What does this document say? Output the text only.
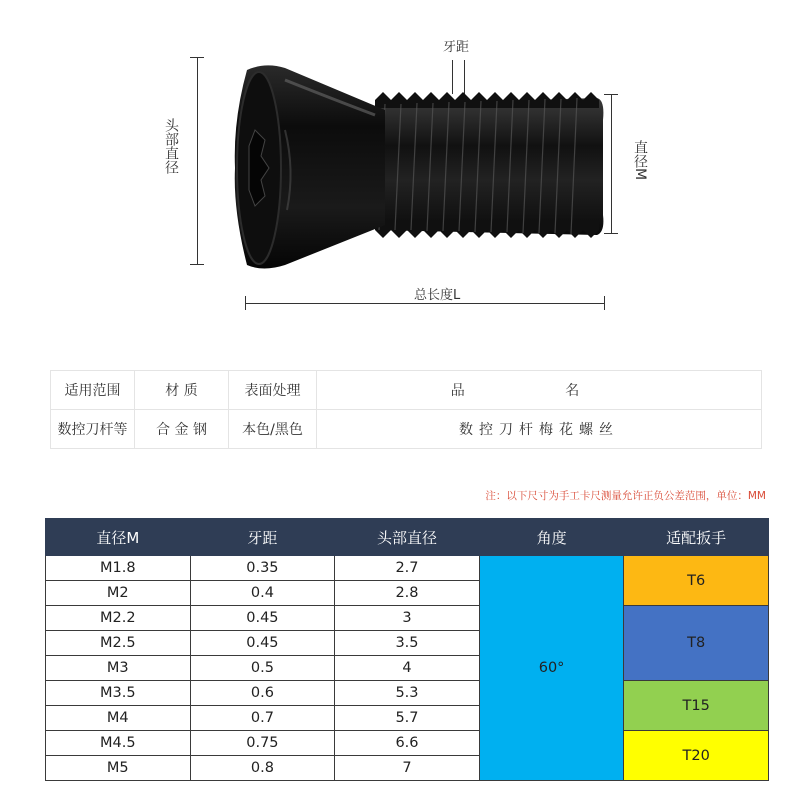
牙距
头部直径	直径M
总长度L
适用范围	材 质	表面处理	品 名
数控刀杆等	合 金 钢	本色/黑色	数控刀杆梅花螺丝
注：以下尺寸为手工卡尺测量允许正负公差范围，单位：MM
直径M	牙距	头部直径	角度	适配扳手
M1.8	0.35	2.7	60°	T6
M2	0.4	2.8		
M2.2	0.45	3		T8
M2.5	0.45	3.5		
M3	0.5	4		
M3.5	0.6	5.3		T15
M4	0.7	5.7		
M4.5	0.75	6.6		T20
M5	0.8	7		
